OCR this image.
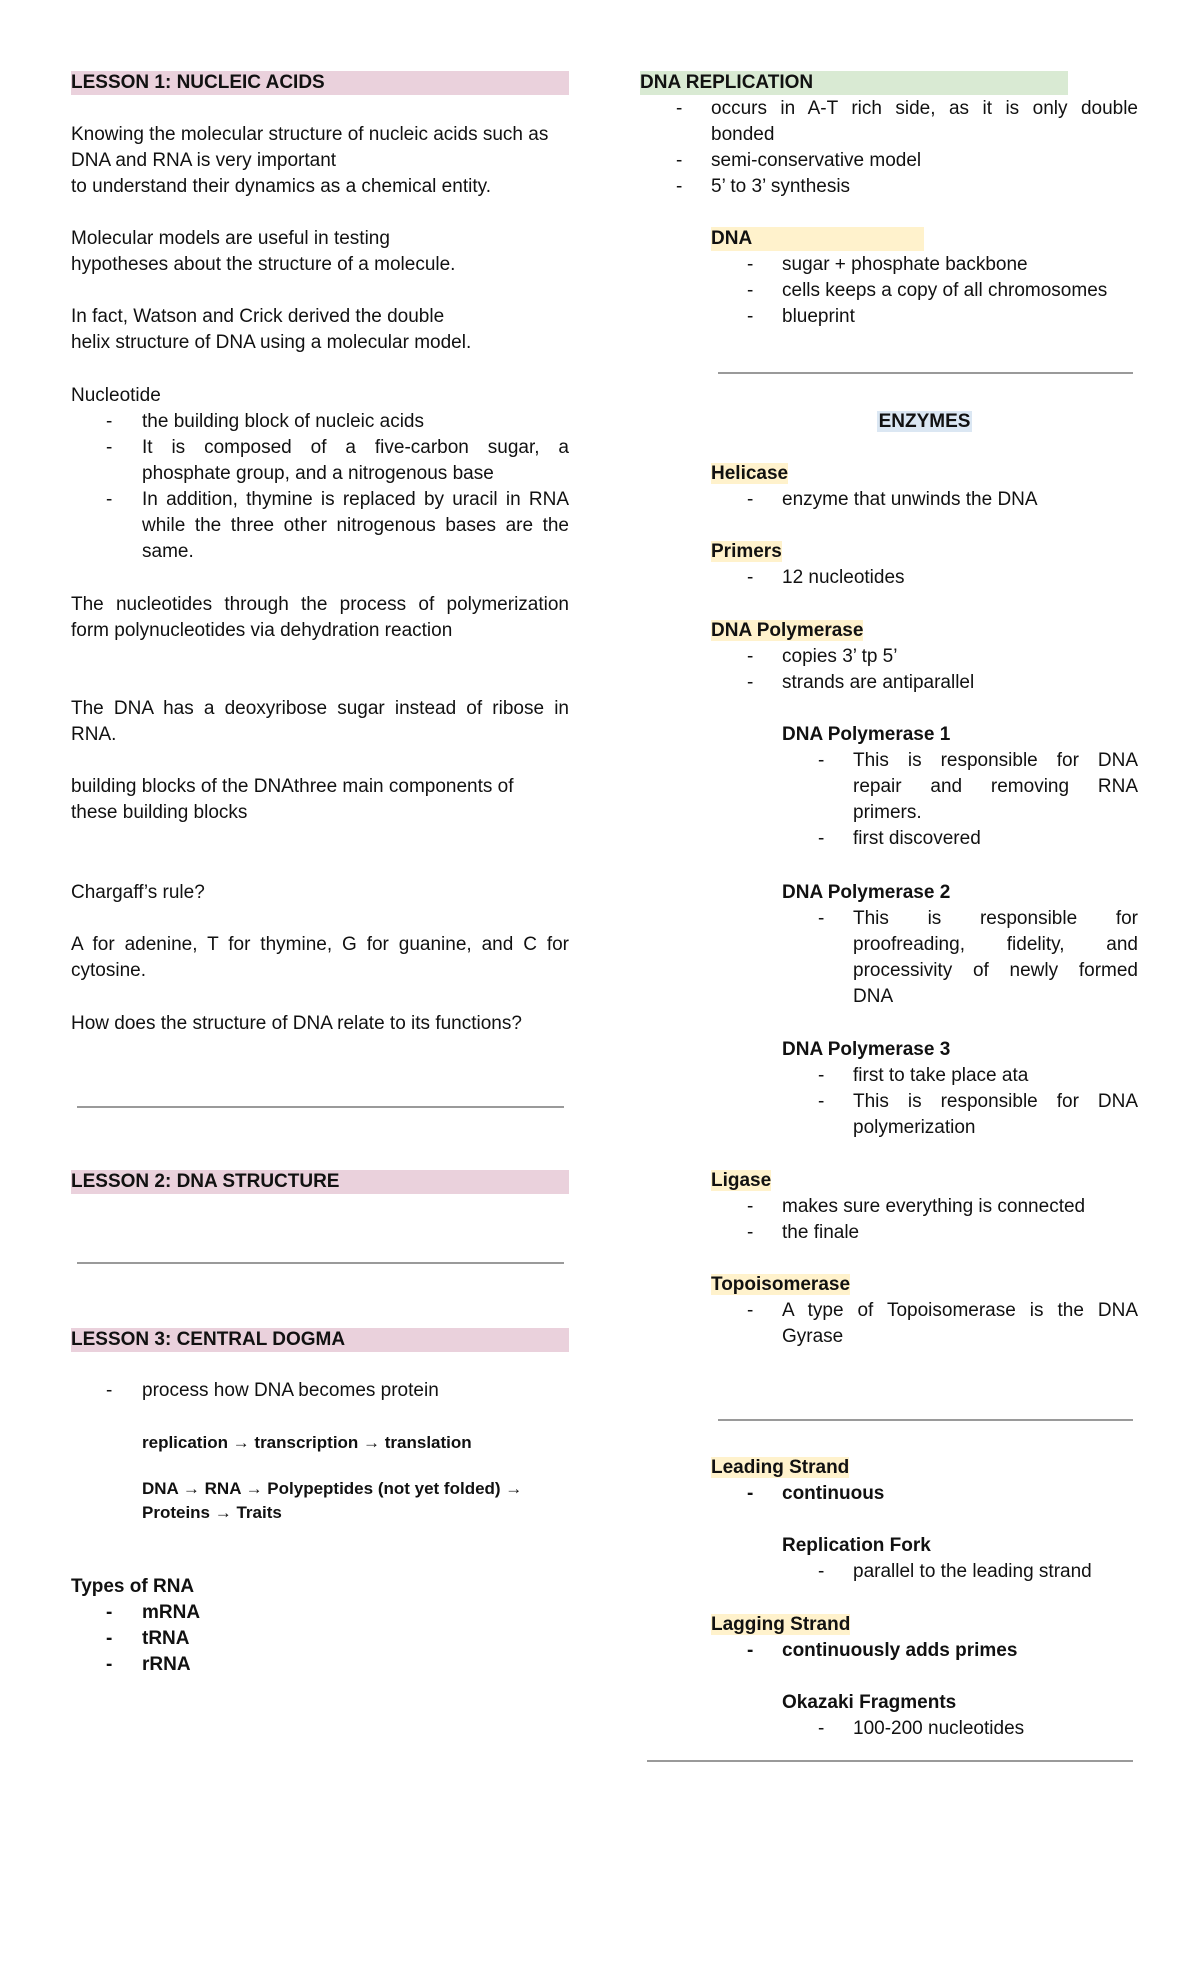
LESSON 1: NUCLEIC ACIDS
Knowing the molecular structure of nucleic acids such as
DNA and RNA is very important
to understand their dynamics as a chemical entity.
Molecular models are useful in testing
hypotheses about the structure of a molecule.
In fact, Watson and Crick derived the double
helix structure of DNA using a molecular model.
Nucleotide
- the building block of nucleic acids
- It is composed of a five-carbon sugar, a
phosphate group, and a nitrogenous base
- In addition, thymine is replaced by uracil in RNA
while the three other nitrogenous bases are the
same.
The nucleotides through the process of polymerization
form polynucleotides via dehydration reaction
The DNA has a deoxyribose sugar instead of ribose in
RNA.
building blocks of the DNAthree main components of
these building blocks
Chargaff’s rule?
A for adenine, T for thymine, G for guanine, and C for
cytosine.
How does the structure of DNA relate to its functions?
LESSON 2: DNA STRUCTURE
LESSON 3: CENTRAL DOGMA
- process how DNA becomes protein
replication → transcription → translation
DNA → RNA → Polypeptides (not yet folded) →
Proteins → Traits
Types of RNA
- mRNA
- tRNA
- rRNA
DNA REPLICATION
- occurs in A-T rich side, as it is only double
bonded
- semi-conservative model
- 5’ to 3’ synthesis
DNA
- sugar + phosphate backbone
- cells keeps a copy of all chromosomes
- blueprint
ENZYMES
Helicase
- enzyme that unwinds the DNA
Primers
- 12 nucleotides
DNA Polymerase
- copies 3’ tp 5’
- strands are antiparallel
DNA Polymerase 1
- This is responsible for DNA
repair and removing RNA
primers.
- first discovered
DNA Polymerase 2
- This is responsible for
proofreading, fidelity, and
processivity of newly formed
DNA
DNA Polymerase 3
- first to take place ata
- This is responsible for DNA
polymerization
Ligase
- makes sure everything is connected
- the finale
Topoisomerase
- A type of Topoisomerase is the DNA
Gyrase
Leading Strand
- continuous
Replication Fork
- parallel to the leading strand
Lagging Strand
- continuously adds primes
Okazaki Fragments
- 100-200 nucleotides
